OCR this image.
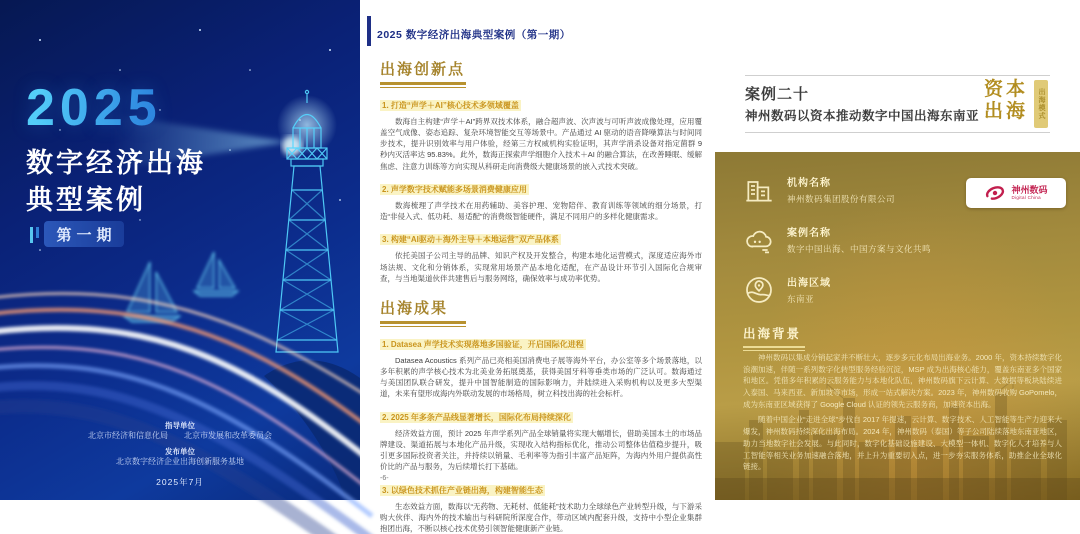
2025
数字经济出海
典型案例
第一期
指导单位
北京市经济和信息化局　　北京市发展和改革委员会
发布单位
北京数字经济企业出海创新服务基地
2025年7月
2025 数字经济出海典型案例（第一期）
出海创新点
1. 打造“声学＋AI”核心技术多领域覆盖

数海自主构建“声学＋AI”跨界双技术体系，融合超声波、次声波与可听声波成像处理，应用覆盖空气成像、姿态追踪、复杂环境智能交互等场景中。产品通过 AI 驱动的语音降噪算法与时间同步技术，提升识别效率与用户体验，经第三方权威机构实验证明，其声学消杀设备对指定菌群 9 秒内灭活率达 95.83%。此外，数海正探索声学细胞介入技术＋AI 的融合算法，在改善睡眠、缓解焦虑、注意力训练等方向实现从科研走向消费级大健康场景的嵌入式技术突破。

2. 声学数字技术赋能多场景消费健康应用

数海梳理了声学技术在用药辅助、美容护理、宠物陪伴、教育训练等领域的细分场景，打造“非侵入式、低功耗、易适配”的消费级智能硬件，满足不同用户的多样化健康需求。

3. 构建“AI驱动＋海外主导＋本地运营”双产品体系

依托美国子公司主导的品牌、知识产权及开发整合，构建本地化运营模式，深度适应海外市场法规、文化和分销体系，实现常用场景产品本地化适配，在产品设计环节引入国际化合规审查，与当地渠道伙伴共建售后与服务网络，确保效率与成功率优势。

出海成果
1. Datasea 声学技术实现落地多国验证，开启国际化进程

Datasea Acoustics 系列产品已亮相美国消费电子展等海外平台，办公室等多个场景落地，以多年积累的声学核心技术为北美业务拓展奠基，获得美国牙科等垂类市场的广泛认可。数海通过与美国团队联合研发，提升中国智能制造的国际影响力，并陆续进入采购机构以及更多大型渠道，未来有望形成海内外联动发展的市场格局，树立科技出海的社会标杆。

2. 2025 年多条产品线显著增长，国际化布局持续深化

经济效益方面，预计 2025 年声学系列产品全球销量将实现大幅增长，借助美国本土的市场品牌建设、渠道拓展与本地化产品升级，实现收入结构指标优化，推动公司整体估值稳步提升，吸引更多国际投资者关注，并持续以销量、毛利率等为指引丰富产品矩阵，为海内外用户提供高性价比的产品与服务，为后续增长打下基础。

3. 以绿色技术抓住产业链出海，构建智能生态

生态效益方面，数海以“无药物、无耗材、低能耗”技术助力全球绿色产业转型升级，与下游采购大伙伴、海内外的技术输出与科研院所深度合作，带动区域内配套升级，支持中小型企业集群抱团出海，不断以核心技术优势引领智能健康新产业链。

-6-
案例二十
神州数码以资本推动数字中国出海东南亚
资本
出海 出海模式
机构名称
神州数码集团股份有限公司
神州数码
Digital China
案例名称
数字中国出海、中国方案与文化共鸣
出海区域
东南亚
出海背景

神州数码以集成分销起家并不断壮大，逐步多元化布局出海业务。2000 年，资本持续数字化浪潮加速，伴随一系列数字化转型服务经验沉淀，MSP 成为出海核心能力，覆盖东南亚多个国家和地区。凭借多年积累的云服务能力与本地化队伍，神州数码旗下云计算、大数据等板块陆续进入泰国、马来西亚、新加坡等市场，形成一站式解决方案。2023 年，神州数码收购 GoPomelo，成为东南亚区域获得了 Google Cloud 认证的领先云服务商，加速资本出海。

随着中国企业“走进全球”步伐自 2017 年提速，云计算、数字技术、人工智能等生产力迎来大爆发，神州数码持续深化出海布局。2024 年，神州数码（泰国）等子公司陆续落地东南亚地区，助力当地数字社会发展。与此同时，数字化基础设施建设、大模型一体机、数字化人才培养与人工智能等相关业务加速融合落地，并上升为重要切入点，进一步夯实服务体系，助推企业全球化链接。
